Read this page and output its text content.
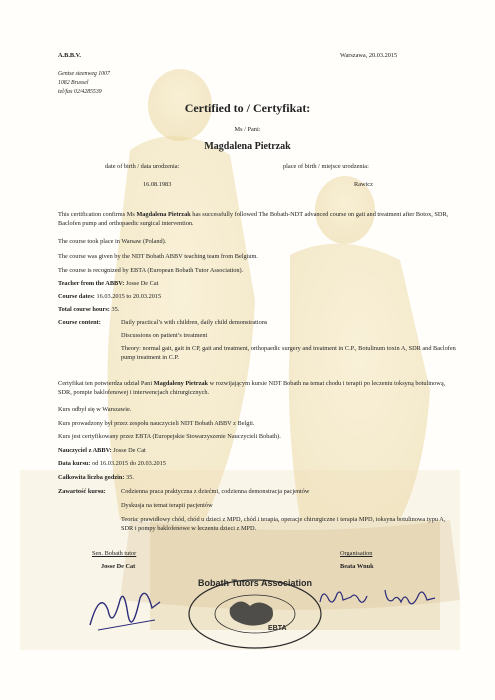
A.B.B.V.	Warszawa, 20.03.2015
Gentse steenweg 1007
1082 Brussel
tel/fax 02/4285539
Certified to / Certyfikat:
Ms / Pani:
Magdalena Pietrzak
date of birth / data urodzenia:	place of birth / miejsce urodzenia:
16.08.1983	Rawicz
This certification confirms Ms Magdalena Pietrzak has successfully followed The Bobath-NDT advanced course on gait and treatment after Botox, SDR, Baclofen pump and orthopaedic surgical intervention.
The course took place in Warsaw (Poland).
The course was given by the NDT Bobath ABBV teaching team from Belgium.
The course is recognized by EBTA (European Bobath Tutor Association).
Teacher from the ABBV: Josse De Cat
Course dates: 16.03.2015 to 20.03.2015
Total course hours: 35.
Course content:	Daily practical’s with children, daily child demonstrations
Discussions on patient’s treatment
Theory: normal gait, gait in CP, gait and treatment, orthopaedic surgery and treatment in C.P., Botulinum toxin A, SDR and Baclofen pump treatment in C.P.
Certyfikat ten potwierdza udział Pani Magdaleny Pietrzak w rozwijającym kursie NDT Bobath na temat chodu i terapii po leczeniu toksyną botulinową, SDR, pompie baklofenowej i interwencjach chirurgicznych.
Kurs odbył się w Warszawie.
Kurs prowadzony był przez zespołu nauczycieli NDT Bobath ABBV z Belgii.
Kurs jest certyfikowany przez EBTA (Europejskie Stowarzyszenie Nauczycieli Bobath).
Nauczyciel z ABBV: Josse De Cat
Data kursu: od 16.03.2015 do 20.03.2015
Całkowita liczba godzin: 35.
Zawartość kursu: Codzienna praca praktyczna z dziećmi, codzienna demonstracja pacjentów
Dyskusja na temat terapii pacjentów
Teoria: prawidłowy chód, chód u dzieci z MPD, chód i terapia, operacje chirurgiczne i terapia MPD, toksyna botulinowa typu A, SDR i pompy baklofenowe w leczeniu dzieci z MPD.
Sen. Bobath tutor
Josse De Cat
Organisation
Beata Wnuk
Bobath Tutors Association
EBTA
